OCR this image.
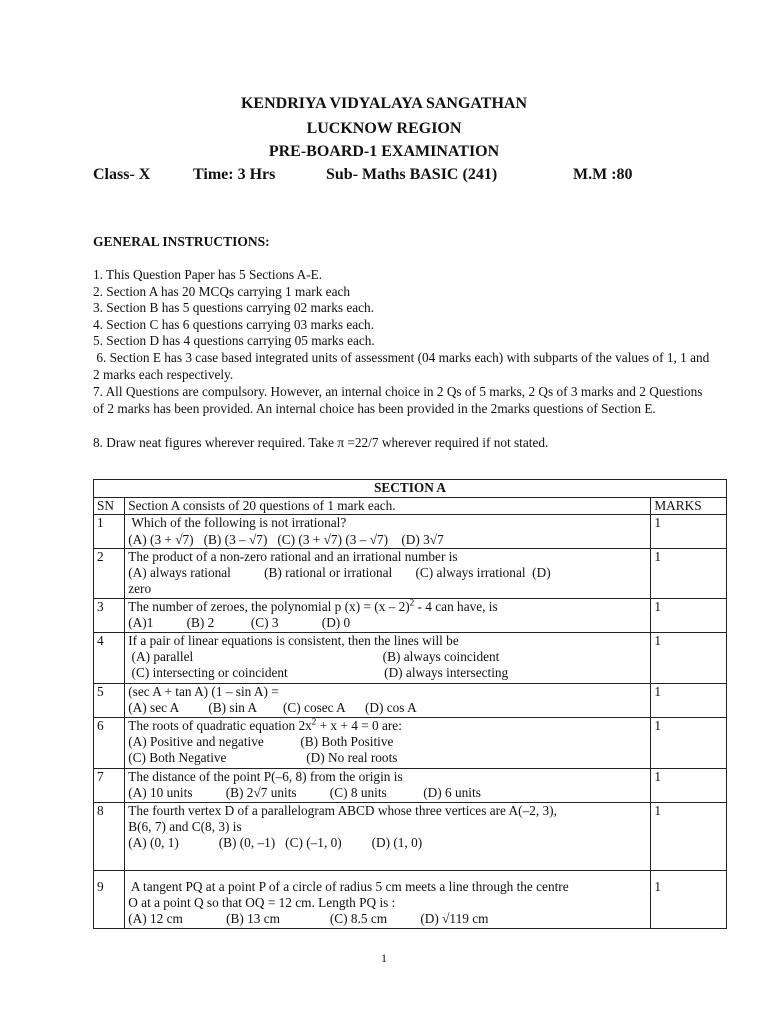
KENDRIYA VIDYALAYA SANGATHAN
LUCKNOW REGION
PRE-BOARD-1 EXAMINATION
Class- X	Time: 3 Hrs	Sub- Maths BASIC (241)	M.M :80
GENERAL INSTRUCTIONS:
1. This Question Paper has 5 Sections A-E.
2. Section A has 20 MCQs carrying 1 mark each
3. Section B has 5 questions carrying 02 marks each.
4. Section C has 6 questions carrying 03 marks each.
5. Section D has 4 questions carrying 05 marks each.
6. Section E has 3 case based integrated units of assessment (04 marks each) with subparts of the values of 1, 1 and 2 marks each respectively.
7. All Questions are compulsory. However, an internal choice in 2 Qs of 5 marks, 2 Qs of 3 marks and 2 Questions of 2 marks has been provided. An internal choice has been provided in the 2marks questions of Section E.
8. Draw neat figures wherever required. Take π =22/7 wherever required if not stated.
SECTION A		
SN	Section A consists of 20 questions of 1 mark each.	MARKS
1	Which of the following is not irrational?
(A) (3 + √7)   (B) (3 – √7)   (C) (3 + √7) (3 – √7)    (D) 3√7	1
2	The product of a non-zero rational and an irrational number is
(A) always rational          (B) rational or irrational       (C) always irrational  (D)
zero	1
3	The number of zeroes, the polynomial p (x) = (x – 2)$^2$ - 4 can have, is
(A)1          (B) 2           (C) 3             (D) 0	1
4	If a pair of linear equations is consistent, then the lines will be
(A) parallel                                                         (B) always coincident
(C) intersecting or coincident                             (D) always intersecting	1
5	(sec A + tan A) (1 – sin A) =
(A) sec A         (B) sin A        (C) cosec A      (D) cos A	1
6	The roots of quadratic equation $2x^2 + x + 4 = 0$ are:
(A) Positive and negative           (B) Both Positive
(C) Both Negative                        (D) No real roots	1
7	The distance of the point P(–6, 8) from the origin is
(A) 10 units          (B) 2√7 units          (C) 8 units           (D) 6 units	1
8	The fourth vertex D of a parallelogram ABCD whose three vertices are A(–2, 3),
B(6, 7) and C(8, 3) is
(A) (0, 1)            (B) (0, –1)   (C) (–1, 0)         (D) (1, 0)	1
9	A tangent PQ at a point P of a circle of radius 5 cm meets a line through the centre
O at a point Q so that OQ = 12 cm. Length PQ is :
(A) 12 cm             (B) 13 cm               (C) 8.5 cm          (D) √119 cm	1
1
